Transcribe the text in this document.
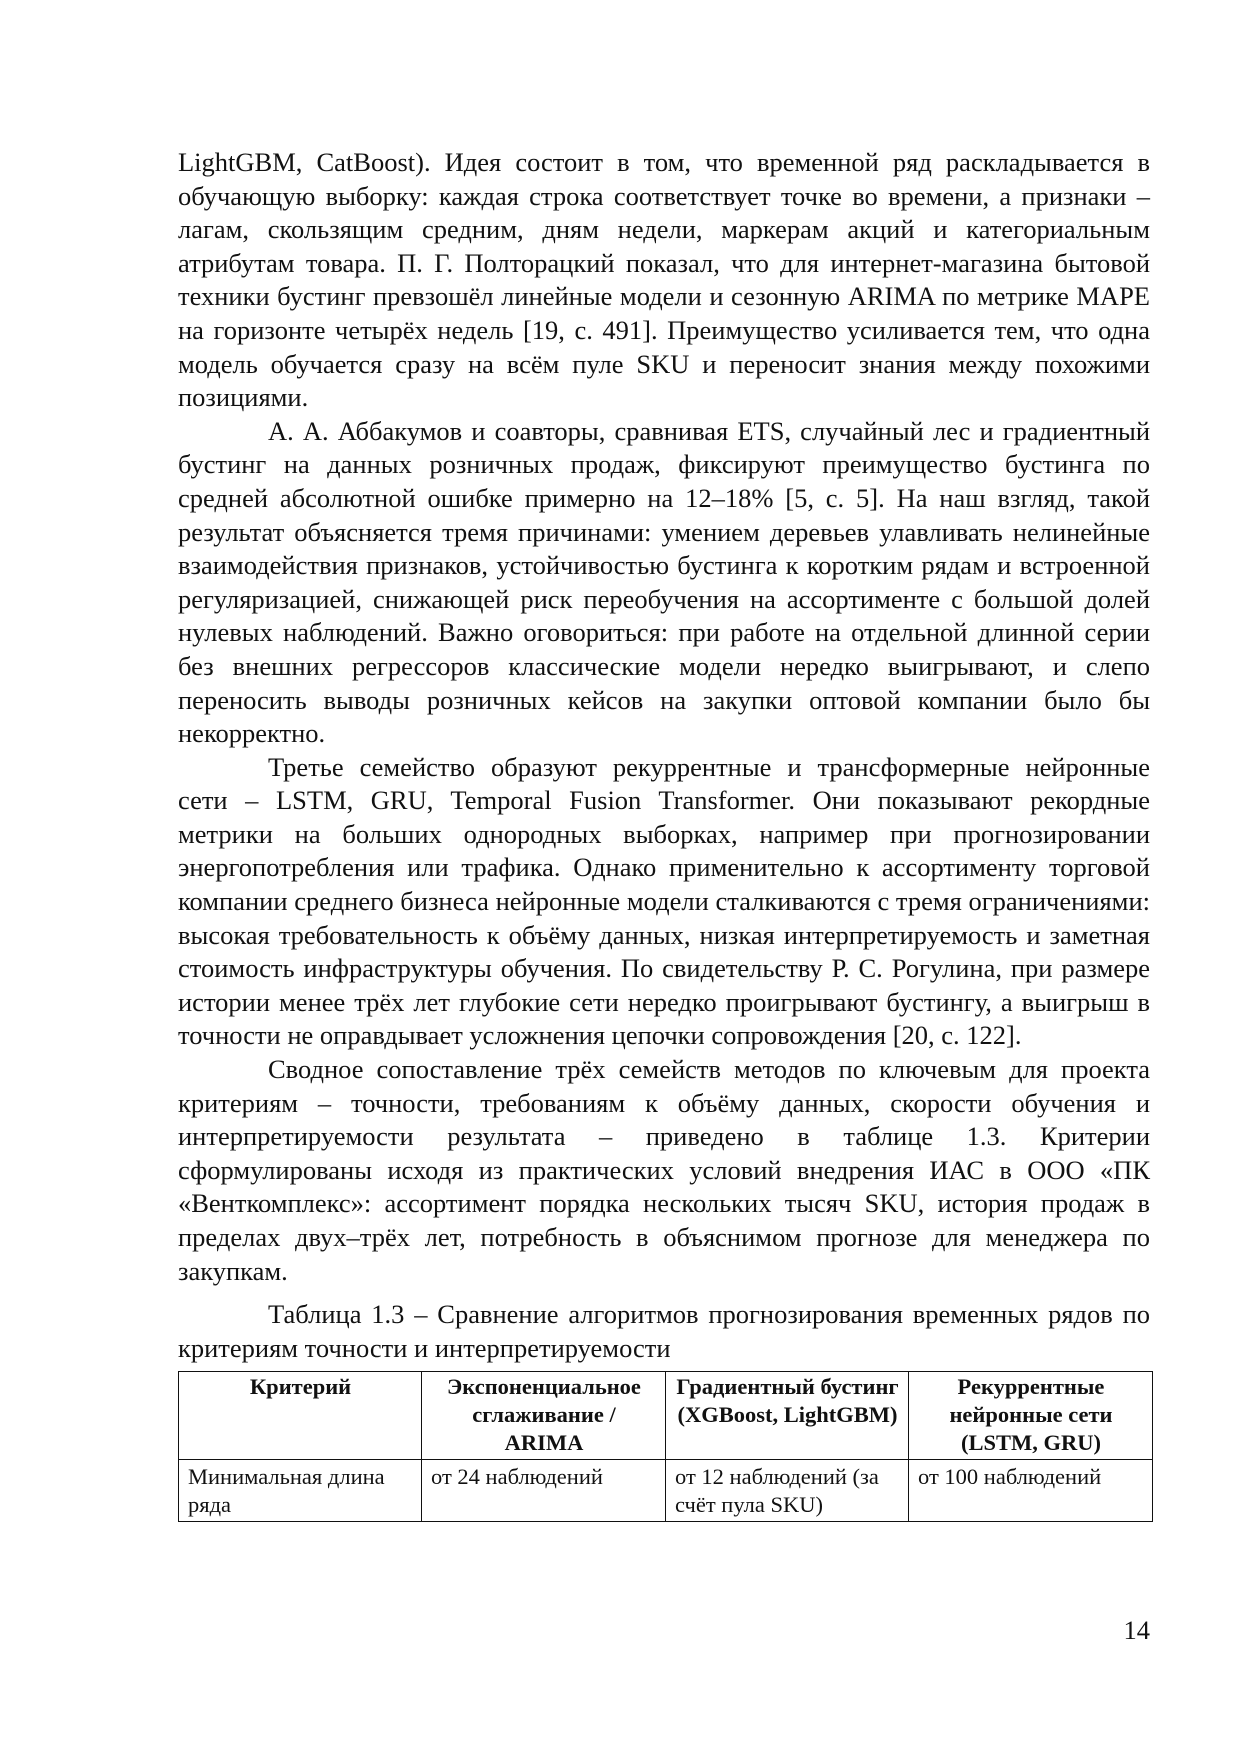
LightGBM, CatBoost). Идея состоит в том, что временной ряд раскладывается в обучающую выборку: каждая строка соответствует точке во времени, а признаки – лагам, скользящим средним, дням недели, маркерам акций и категориальным атрибутам товара. П. Г. Полторацкий показал, что для интернет-магазина бытовой техники бустинг превзошёл линейные модели и сезонную ARIMA по метрике MAPE на горизонте четырёх недель [19, с. 491]. Преимущество усиливается тем, что одна модель обучается сразу на всём пуле SKU и переносит знания между похожими позициями.

А. А. Аббакумов и соавторы, сравнивая ETS, случайный лес и градиентный бустинг на данных розничных продаж, фиксируют преимущество бустинга по средней абсолютной ошибке примерно на 12–18% [5, с. 5]. На наш взгляд, такой результат объясняется тремя причинами: умением деревьев улавливать нелинейные взаимодействия признаков, устойчивостью бустинга к коротким рядам и встроенной регуляризацией, снижающей риск переобучения на ассортименте с большой долей нулевых наблюдений. Важно оговориться: при работе на отдельной длинной серии без внешних регрессоров классические модели нередко выигрывают, и слепо переносить выводы розничных кейсов на закупки оптовой компании было бы некорректно.

Третье семейство образуют рекуррентные и трансформерные нейронные сети – LSTM, GRU, Temporal Fusion Transformer. Они показывают рекордные метрики на больших однородных выборках, например при прогнозировании энергопотребления или трафика. Однако применительно к ассортименту торговой компании среднего бизнеса нейронные модели сталкиваются с тремя ограничениями: высокая требовательность к объёму данных, низкая интерпретируемость и заметная стоимость инфраструктуры обучения. По свидетельству Р. С. Рогулина, при размере истории менее трёх лет глубокие сети нередко проигрывают бустингу, а выигрыш в точности не оправдывает усложнения цепочки сопровождения [20, с. 122].

Сводное сопоставление трёх семейств методов по ключевым для проекта критериям – точности, требованиям к объёму данных, скорости обучения и интерпретируемости результата – приведено в таблице 1.3. Критерии сформулированы исходя из практических условий внедрения ИАС в ООО «ПК «Венткомплекс»: ассортимент порядка нескольких тысяч SKU, история продаж в пределах двух–трёх лет, потребность в объяснимом прогнозе для менеджера по закупкам.

Таблица 1.3 – Сравнение алгоритмов прогнозирования временных рядов по критериям точности и интерпретируемости

Критерий	Экспоненциальное сглаживание / ARIMA	Градиентный бустинг (XGBoost, LightGBM)	Рекуррентные нейронные сети (LSTM, GRU)
Минимальная длина ряда	от 24 наблюдений	от 12 наблюдений (за счёт пула SKU)	от 100 наблюдений
14
